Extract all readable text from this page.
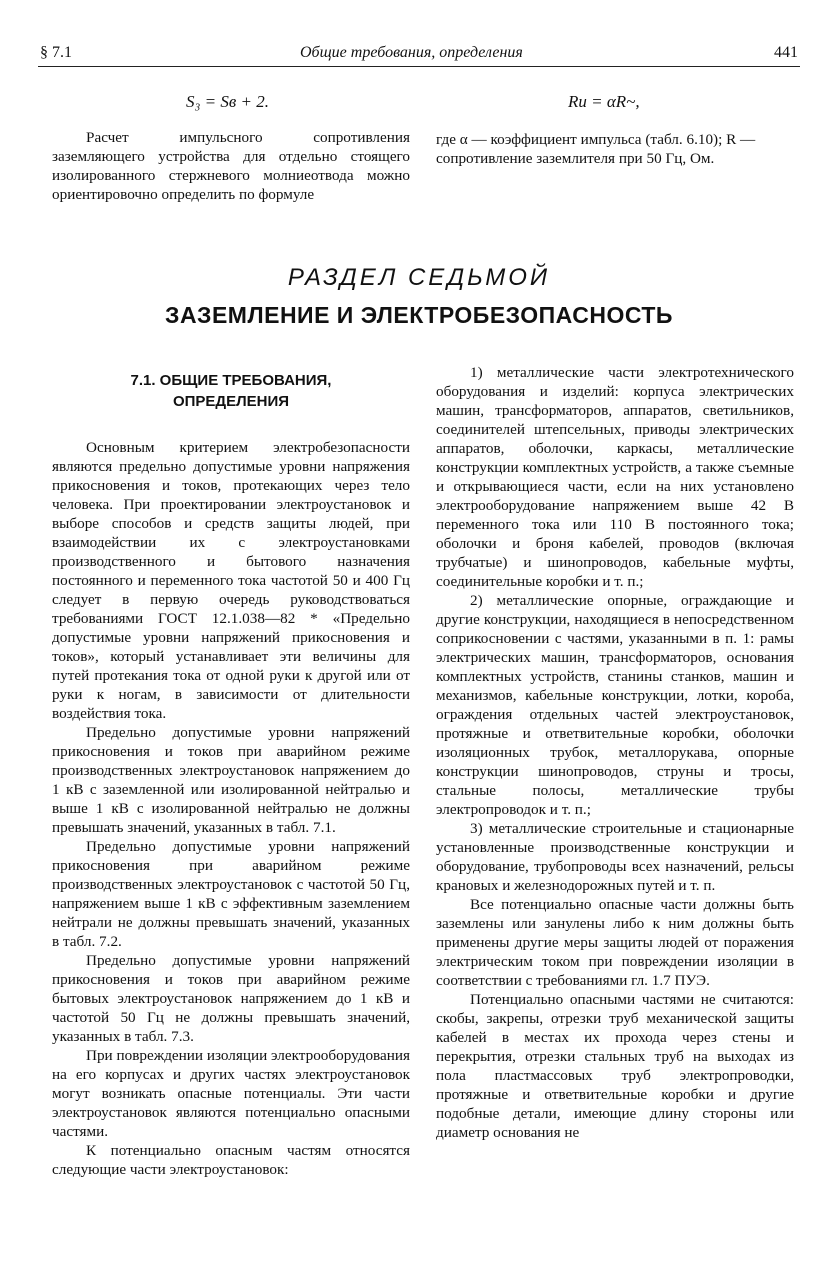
§ 7.1	Общие требования, определения	441
S₃ = Sв + 2.	Rи = αR~,

Расчет импульсного сопротивления заземляющего устройства для отдельно стоящего изолированного стержневого молниеотвода можно ориентировочно определить по формуле

где α — коэффициент импульса (табл. 6.10); R — сопротивление заземлителя при 50 Гц, Ом.

РАЗДЕЛ СЕДЬМОЙ
ЗАЗЕМЛЕНИЕ И ЭЛЕКТРОБЕЗОПАСНОСТЬ
7.1. ОБЩИЕ ТРЕБОВАНИЯ,
ОПРЕДЕЛЕНИЯ

Основным критерием электробезопасности являются предельно допустимые уровни напряжения прикосновения и токов, протекающих через тело человека. При проектировании электроустановок и выборе способов и средств защиты людей, при взаимодействии их с электроустановками производственного и бытового назначения постоянного и переменного тока частотой 50 и 400 Гц следует в первую очередь руководствоваться требованиями ГОСТ 12.1.038—82 * «Предельно допустимые уровни напряжений прикосновения и токов», который устанавливает эти величины для путей протекания тока от одной руки к другой или от руки к ногам, в зависимости от длительности воздействия тока.

Предельно допустимые уровни напряжений прикосновения и токов при аварийном режиме производственных электроустановок напряжением до 1 кВ с заземленной или изолированной нейтралью и выше 1 кВ с изолированной нейтралью не должны превышать значений, указанных в табл. 7.1.

Предельно допустимые уровни напряжений прикосновения при аварийном режиме производственных электроустановок с частотой 50 Гц, напряжением выше 1 кВ с эффективным заземлением нейтрали не должны превышать значений, указанных в табл. 7.2.

Предельно допустимые уровни напряжений прикосновения и токов при аварийном режиме бытовых электроустановок напряжением до 1 кВ и частотой 50 Гц не должны превышать значений, указанных в табл. 7.3.

При повреждении изоляции электрооборудования на его корпусах и других частях электроустановок могут возникать опасные потенциалы. Эти части электроустановок являются потенциально опасными частями.

К потенциально опасным частям относятся следующие части электроустановок:

1) металлические части электротехнического оборудования и изделий: корпуса электрических машин, трансформаторов, аппаратов, светильников, соединителей штепсельных, приводы электрических аппаратов, оболочки, каркасы, металлические конструкции комплектных устройств, а также съемные и открывающиеся части, если на них установлено электрооборудование напряжением выше 42 В переменного тока или 110 В постоянного тока; оболочки и броня кабелей, проводов (включая трубчатые) и шинопроводов, кабельные муфты, соединительные коробки и т. п.;

2) металлические опорные, ограждающие и другие конструкции, находящиеся в непосредственном соприкосновении с частями, указанными в п. 1: рамы электрических машин, трансформаторов, основания комплектных устройств, станины станков, машин и механизмов, кабельные конструкции, лотки, короба, ограждения отдельных частей электроустановок, протяжные и ответвительные коробки, оболочки изоляционных трубок, металлорукава, опорные конструкции шинопроводов, струны и тросы, стальные полосы, металлические трубы электропроводок и т. п.;

3) металлические строительные и стационарные установленные производственные конструкции и оборудование, трубопроводы всех назначений, рельсы крановых и железнодорожных путей и т. п.

Все потенциально опасные части должны быть заземлены или занулены либо к ним должны быть применены другие меры защиты людей от поражения электрическим током при повреждении изоляции в соответствии с требованиями гл. 1.7 ПУЭ.

Потенциально опасными частями не считаются: скобы, закрепы, отрезки труб механической защиты кабелей в местах их прохода через стены и перекрытия, отрезки стальных труб на выходах из пола пластмассовых труб электропроводки, протяжные и ответвительные коробки и другие подобные детали, имеющие длину стороны или диаметр основания не
